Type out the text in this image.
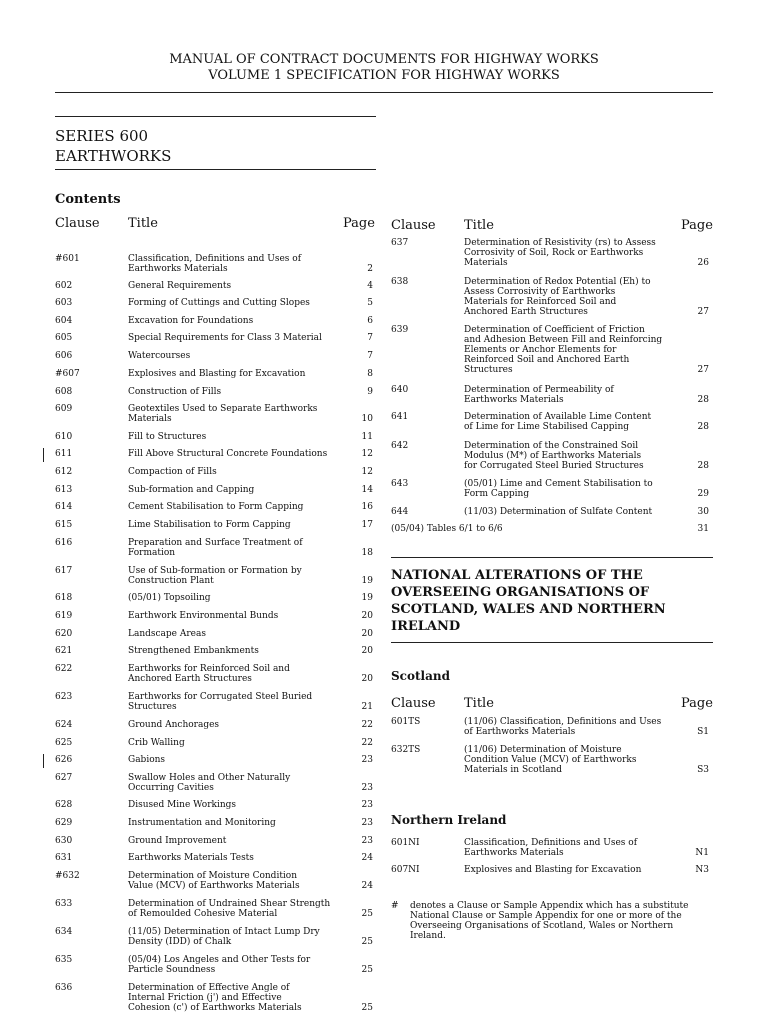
MANUAL OF CONTRACT DOCUMENTS FOR HIGHWAY WORKS
VOLUME 1 SPECIFICATION FOR HIGHWAY WORKS
SERIES 600
EARTHWORKS
Contents
Clause Title	Page
#601	Classification, Definitions and Uses of
Earthworks Materials	2
602	General Requirements	4
603	Forming of Cuttings and Cutting Slopes	5
604	Excavation for Foundations	6
605	Special Requirements for Class 3 Material	7
606	Watercourses	7
#607	Explosives and Blasting for Excavation	8
608	Construction of Fills	9
609	Geotextiles Used to Separate Earthworks
Materials	10
610	Fill to Structures	11
611	Fill Above Structural Concrete Foundations	12
612	Compaction of Fills	12
613	Sub-formation and Capping	14
614	Cement Stabilisation to Form Capping	16
615	Lime Stabilisation to Form Capping	17
616	Preparation and Surface Treatment of
Formation	18
617	Use of Sub-formation or Formation by
Construction Plant	19
618	(05/01) Topsoiling	19
619	Earthwork Environmental Bunds	20
620	Landscape Areas	20
621	Strengthened Embankments	20
622	Earthworks for Reinforced Soil and
Anchored Earth Structures	20
623	Earthworks for Corrugated Steel Buried
Structures	21
624	Ground Anchorages	22
625	Crib Walling	22
626	Gabions	23
627	Swallow Holes and Other Naturally
Occurring Cavities	23
628	Disused Mine Workings	23
629	Instrumentation and Monitoring	23
630	Ground Improvement	23
631	Earthworks Materials Tests	24
#632	Determination of Moisture Condition
Value (MCV) of Earthworks Materials	24
633	Determination of Undrained Shear Strength
of Remoulded Cohesive Material	25
634	(11/05) Determination of Intact Lump Dry
Density (IDD) of Chalk	25
635	(05/04) Los Angeles and Other Tests for
Particle Soundness	25
636	Determination of Effective Angle of
Internal Friction (j') and Effective
Cohesion (c') of Earthworks Materials	25
Clause Title	Page
637	Determination of Resistivity (rs) to Assess
Corrosivity of Soil, Rock or Earthworks
Materials	26
638	Determination of Redox Potential (Eh) to
Assess Corrosivity of Earthworks
Materials for Reinforced Soil and
Anchored Earth Structures	27
639	Determination of Coefficient of Friction
and Adhesion Between Fill and Reinforcing
Elements or Anchor Elements for
Reinforced Soil and Anchored Earth
Structures	27
640	Determination of Permeability of
Earthworks Materials	28
641	Determination of Available Lime Content
of Lime for Lime Stabilised Capping	28
642	Determination of the Constrained Soil
Modulus (M*) of Earthworks Materials
for Corrugated Steel Buried Structures	28
643	(05/01) Lime and Cement Stabilisation to
Form Capping	29
644	(11/03) Determination of Sulfate Content	30
(05/04) Tables 6/1 to 6/6	31
NATIONAL ALTERATIONS OF THE OVERSEEING ORGANISATIONS OF SCOTLAND, WALES AND NORTHERN IRELAND
Scotland
Clause Title	Page
601TS	(11/06) Classification, Definitions and Uses
of Earthworks Materials	S1
632TS	(11/06) Determination of Moisture
Condition Value (MCV) of Earthworks
Materials in Scotland	S3
Northern Ireland
601NI	Classification, Definitions and Uses of
Earthworks Materials	N1
607NI	Explosives and Blasting for Excavation	N3
# denotes a Clause or Sample Appendix which has a substitute National Clause or Sample Appendix for one or more of the Overseeing Organisations of Scotland, Wales or Northern Ireland.
